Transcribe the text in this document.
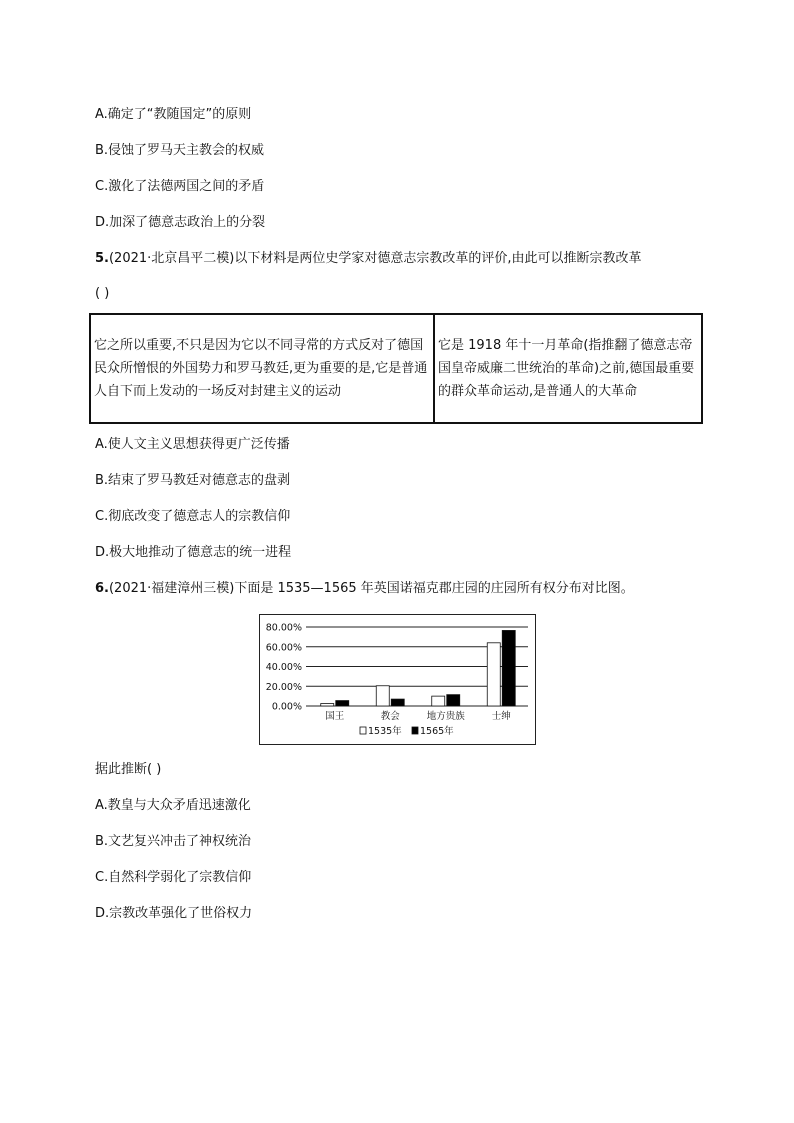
A.确定了“教随国定”的原则
B.侵蚀了罗马天主教会的权威
C.激化了法德两国之间的矛盾
D.加深了德意志政治上的分裂
5.(2021·北京昌平二模)以下材料是两位史学家对德意志宗教改革的评价,由此可以推断宗教改革
( )
它之所以重要,不只是因为它以不同寻常的方式反对了德国民众所憎恨的外国势力和罗马教廷,更为重要的是,它是普通人自下而上发动的一场反对封建主义的运动	它是 1918 年十一月革命(指推翻了德意志帝国皇帝威廉二世统治的革命)之前,德国最重要的群众革命运动,是普通人的大革命
A.使人文主义思想获得更广泛传播
B.结束了罗马教廷对德意志的盘剥
C.彻底改变了德意志人的宗教信仰
D.极大地推动了德意志的统一进程
6.(2021·福建漳州三模)下面是 1535—1565 年英国诺福克郡庄园的庄园所有权分布对比图。
80.00%
60.00%
40.00%
20.00%
0.00%
国王	教会	地方贵族	士绅
1535年 1565年
据此推断( )
A.教皇与大众矛盾迅速激化
B.文艺复兴冲击了神权统治
C.自然科学弱化了宗教信仰
D.宗教改革强化了世俗权力
